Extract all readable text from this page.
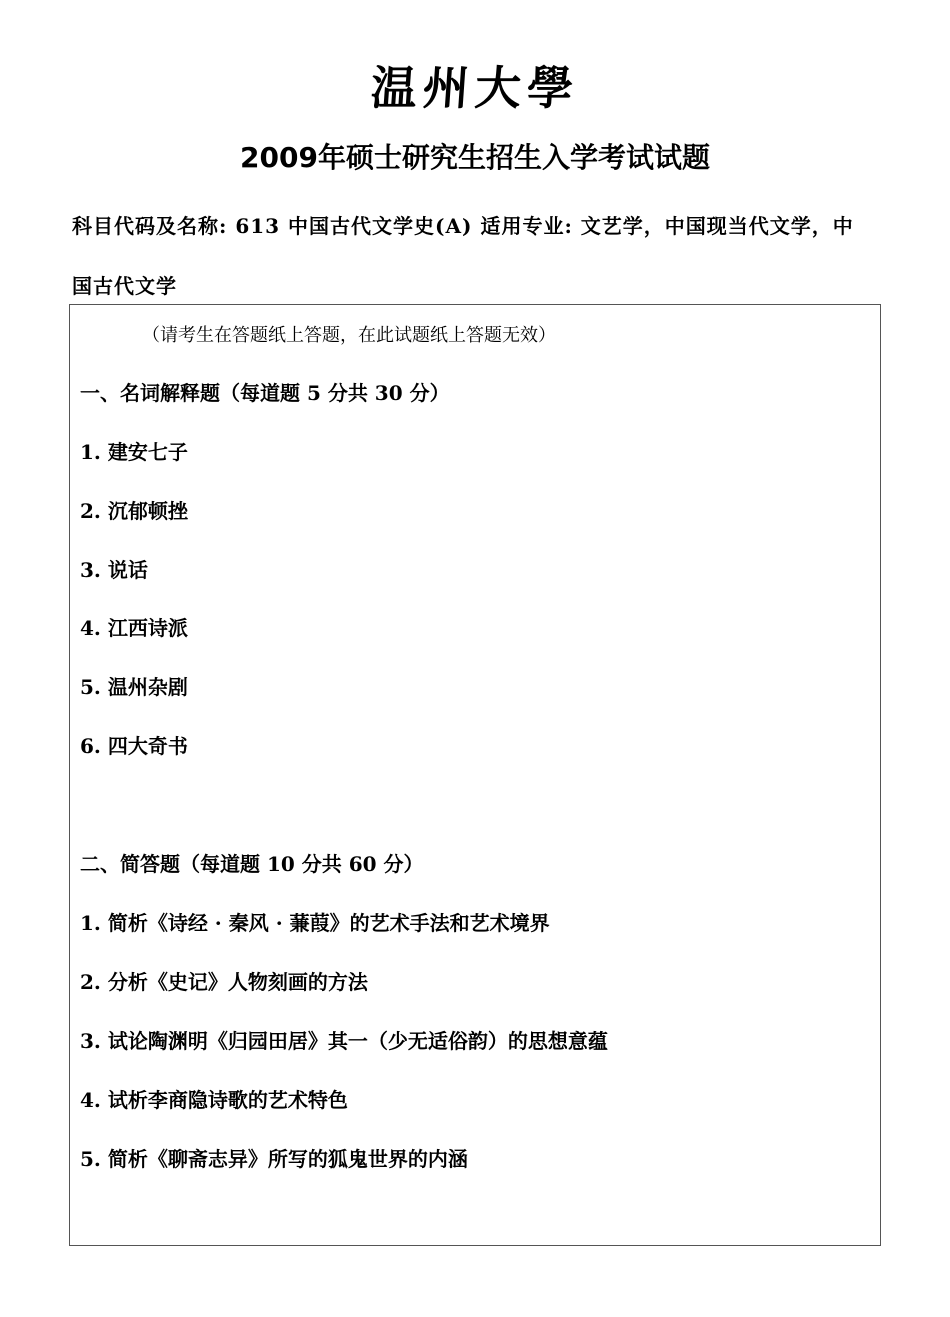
温州大學
2009年硕士研究生招生入学考试试题
科目代码及名称: 613 中国古代文学史(A) 适用专业: 文艺学，中国现当代文学，中国古代文学
（请考生在答题纸上答题，在此试题纸上答题无效）
一、名词解释题（每道题 5 分共 30 分）
1. 建安七子
2. 沉郁顿挫
3. 说话
4. 江西诗派
5. 温州杂剧
6. 四大奇书
二、简答题（每道题 10 分共 60 分）
1. 简析《诗经 · 秦风 · 蒹葭》的艺术手法和艺术境界
2. 分析《史记》人物刻画的方法
3. 试论陶渊明《归园田居》其一（少无适俗韵）的思想意蕴
4. 试析李商隐诗歌的艺术特色
5. 简析《聊斋志异》所写的狐鬼世界的内涵
